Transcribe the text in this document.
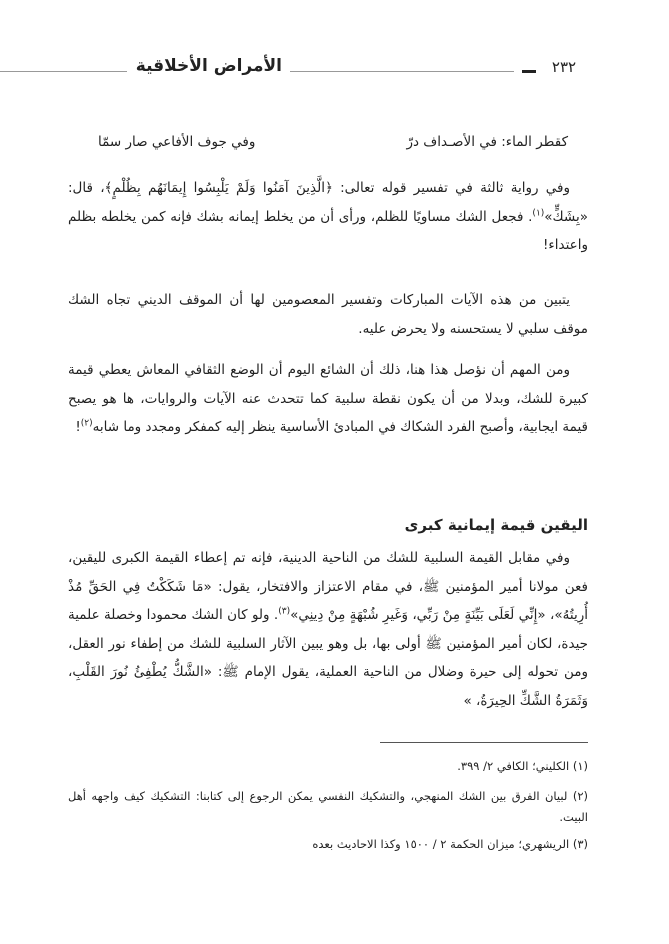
الأمراض الأخلاقية	٢٣٢
كقطر الماء: في الأصـداف درّ
وفي جوف الأفاعي صار سمّا
وفي رواية ثالثة في تفسير قوله تعالى: ﴿الَّذِينَ آمَنُوا وَلَمْ يَلْبِسُوا إِيمَانَهُم بِظُلْمٍ﴾، قال: «بِشَكٍّ»$^{(١)}$. فجعل الشك مساويًا للظلم، ورأى أن من يخلط إيمانه بشك فإنه كمن يخلطه بظلم واعتداء!
يتبين من هذه الآيات المباركات وتفسير المعصومين لها أن الموقف الديني تجاه الشك موقف سلبي لا يستحسنه ولا يحرض عليه.
ومن المهم أن نؤصل هذا هنا، ذلك أن الشائع اليوم أن الوضع الثقافي المعاش يعطي قيمة كبيرة للشك، وبدلا من أن يكون نقطة سلبية كما تتحدث عنه الآيات والروايات، ها هو يصبح قيمة ايجابية، وأصبح الفرد الشكاك في المبادئ الأساسية ينظر إليه كمفكر ومجدد وما شابه$^{(٢)}$!
اليقين قيمة إيمانية كبرى
وفي مقابل القيمة السلبية للشك من الناحية الدينية، فإنه تم إعطاء القيمة الكبرى لليقين، فعن مولانا أمير المؤمنين ﷺ، في مقام الاعتزاز والافتخار، يقول: «مَا شَكَكْتُ فِي الحَقِّ مُذْ أُرِيتُهُ»، «إِنِّي لَعَلَى بَيِّنَةٍ مِنْ رَبِّي، وَغَيرِ شُبْهَةٍ مِنْ دِينِي»$^{(٣)}$. ولو كان الشك محمودا وخصلة علمية جيدة، لكان أمير المؤمنين ﷺ أولى بها، بل وهو يبين الآثار السلبية للشك من إطفاء نور العقل، ومن تحوله إلى حيرة وضلال من الناحية العملية، يقول الإمام ﷺ: «الشَّكُّ يُطْفِئُ نُورَ القَلْبِ، وَثَمَرَةُ الشَّكِّ الحِيرَةُ، »
(١) الكليني؛ الكافي ٢/ ٣٩٩.
(٢) لبيان الفرق بين الشك المنهجي، والتشكيك النفسي يمكن الرجوع إلى كتابنا: التشكيك كيف واجهه أهل البيت.
(٣) الريشهري؛ ميزان الحكمة ٢ / ١٥٠٠ وكذا الاحاديث بعده
